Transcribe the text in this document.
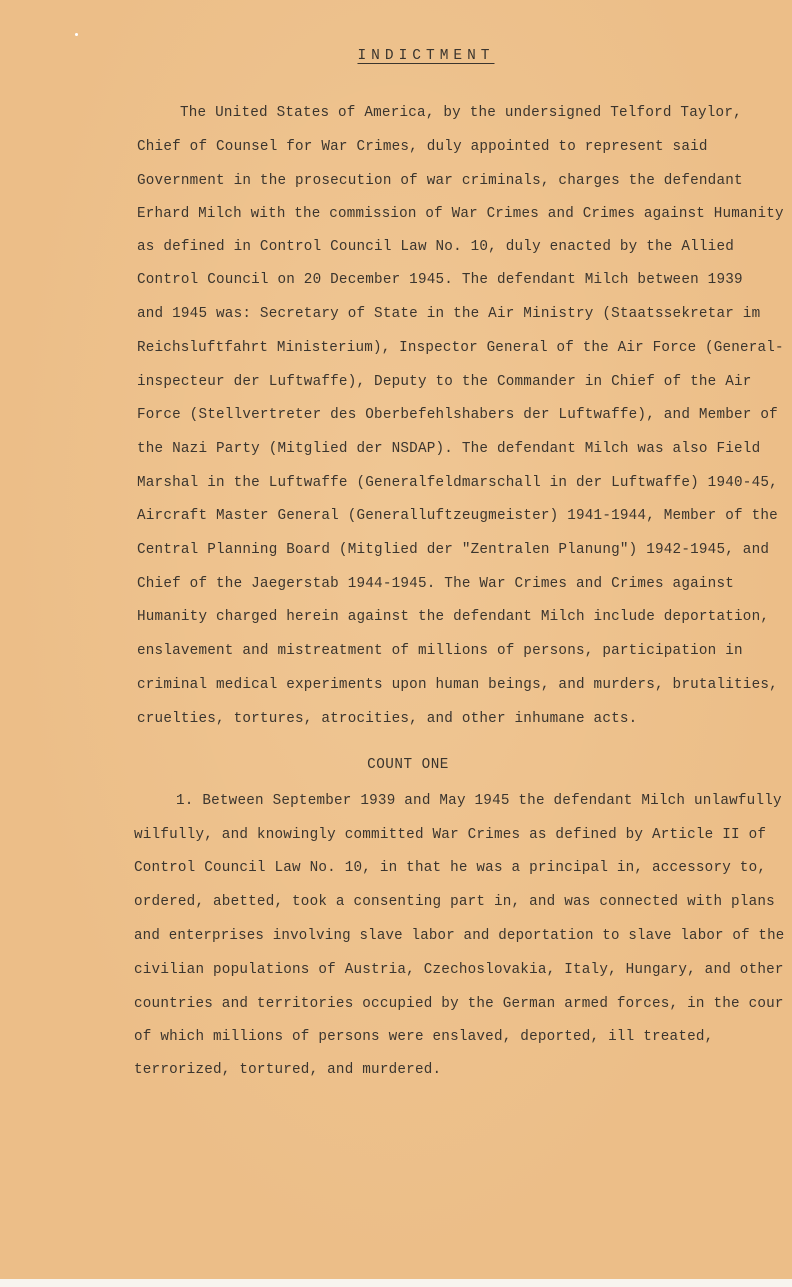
INDICTMENT
The United States of America, by the undersigned Telford Taylor,
Chief of Counsel for War Crimes, duly appointed to represent said
Government in the prosecution of war criminals, charges the defendant
Erhard Milch with the commission of War Crimes and Crimes against Humanity
as defined in Control Council Law No. 10, duly enacted by the Allied
Control Council on 20 December 1945. The defendant Milch between 1939
and 1945 was: Secretary of State in the Air Ministry (Staatssekretar im
Reichsluftfahrt Ministerium), Inspector General of the Air Force (General-
inspecteur der Luftwaffe), Deputy to the Commander in Chief of the Air
Force (Stellvertreter des Oberbefehlshabers der Luftwaffe), and Member of
the Nazi Party (Mitglied der NSDAP). The defendant Milch was also Field
Marshal in the Luftwaffe (Generalfeldmarschall in der Luftwaffe) 1940-45,
Aircraft Master General (Generalluftzeugmeister) 1941-1944, Member of the
Central Planning Board (Mitglied der "Zentralen Planung") 1942-1945, and
Chief of the Jaegerstab 1944-1945. The War Crimes and Crimes against
Humanity charged herein against the defendant Milch include deportation,
enslavement and mistreatment of millions of persons, participation in
criminal medical experiments upon human beings, and murders, brutalities,
cruelties, tortures, atrocities, and other inhumane acts.
COUNT ONE
1. Between September 1939 and May 1945 the defendant Milch unlawfully
wilfully, and knowingly committed War Crimes as defined by Article II of
Control Council Law No. 10, in that he was a principal in, accessory to,
ordered, abetted, took a consenting part in, and was connected with plans
and enterprises involving slave labor and deportation to slave labor of the
civilian populations of Austria, Czechoslovakia, Italy, Hungary, and other
countries and territories occupied by the German armed forces, in the cour
of which millions of persons were enslaved, deported, ill treated,
terrorized, tortured, and murdered.
